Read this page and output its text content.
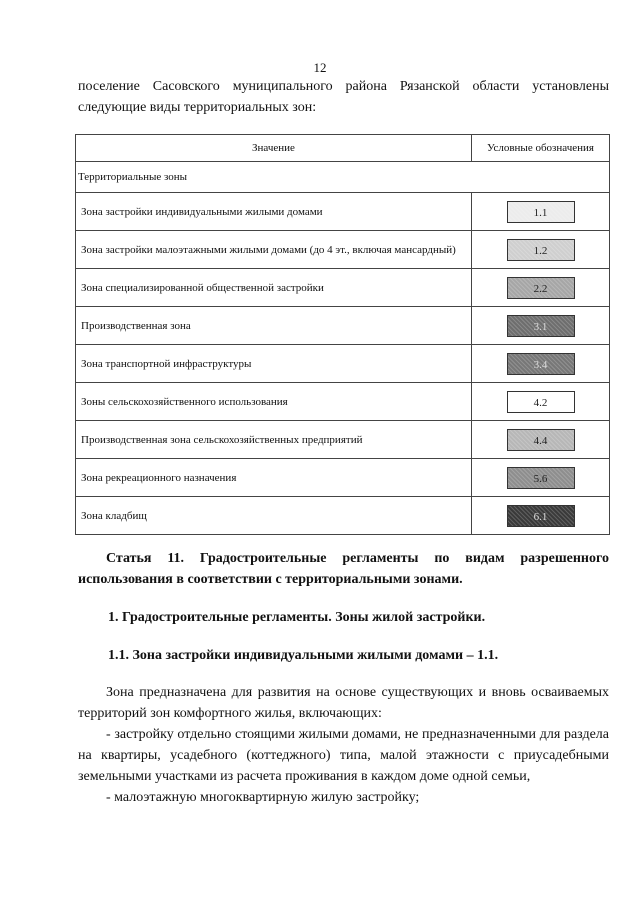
12
поселение Сасовского муниципального района Рязанской области установлены следующие виды территориальных зон:
Значение	Условные обозначения
Территориальные зоны	
Зона застройки индивидуальными жилыми домами	1.1
Зона застройки малоэтажными жилыми домами (до 4 эт., включая мансардный)	1.2
Зона специализированной общественной застройки	2.2
Производственная зона	3.1
Зона транспортной инфраструктуры	3.4
Зоны сельскохозяйственного использования	4.2
Производственная зона сельскохозяйственных предприятий	4.4
Зона рекреационного назначения	5.6
Зона кладбищ	6.1
Статья 11. Градостроительные регламенты по видам разрешенного использования в соответствии с территориальными зонами.
1. Градостроительные регламенты. Зоны жилой застройки.
1.1. Зона застройки индивидуальными жилыми домами – 1.1.

Зона предназначена для развития на основе существующих и вновь осваиваемых территорий зон комфортного жилья, включающих:

- застройку отдельно стоящими жилыми домами, не предназначенными для раздела на квартиры, усадебного (коттеджного) типа, малой этажности с приусадебными земельными участками из расчета проживания в каждом доме одной семьи,

- малоэтажную многоквартирную жилую застройку;
